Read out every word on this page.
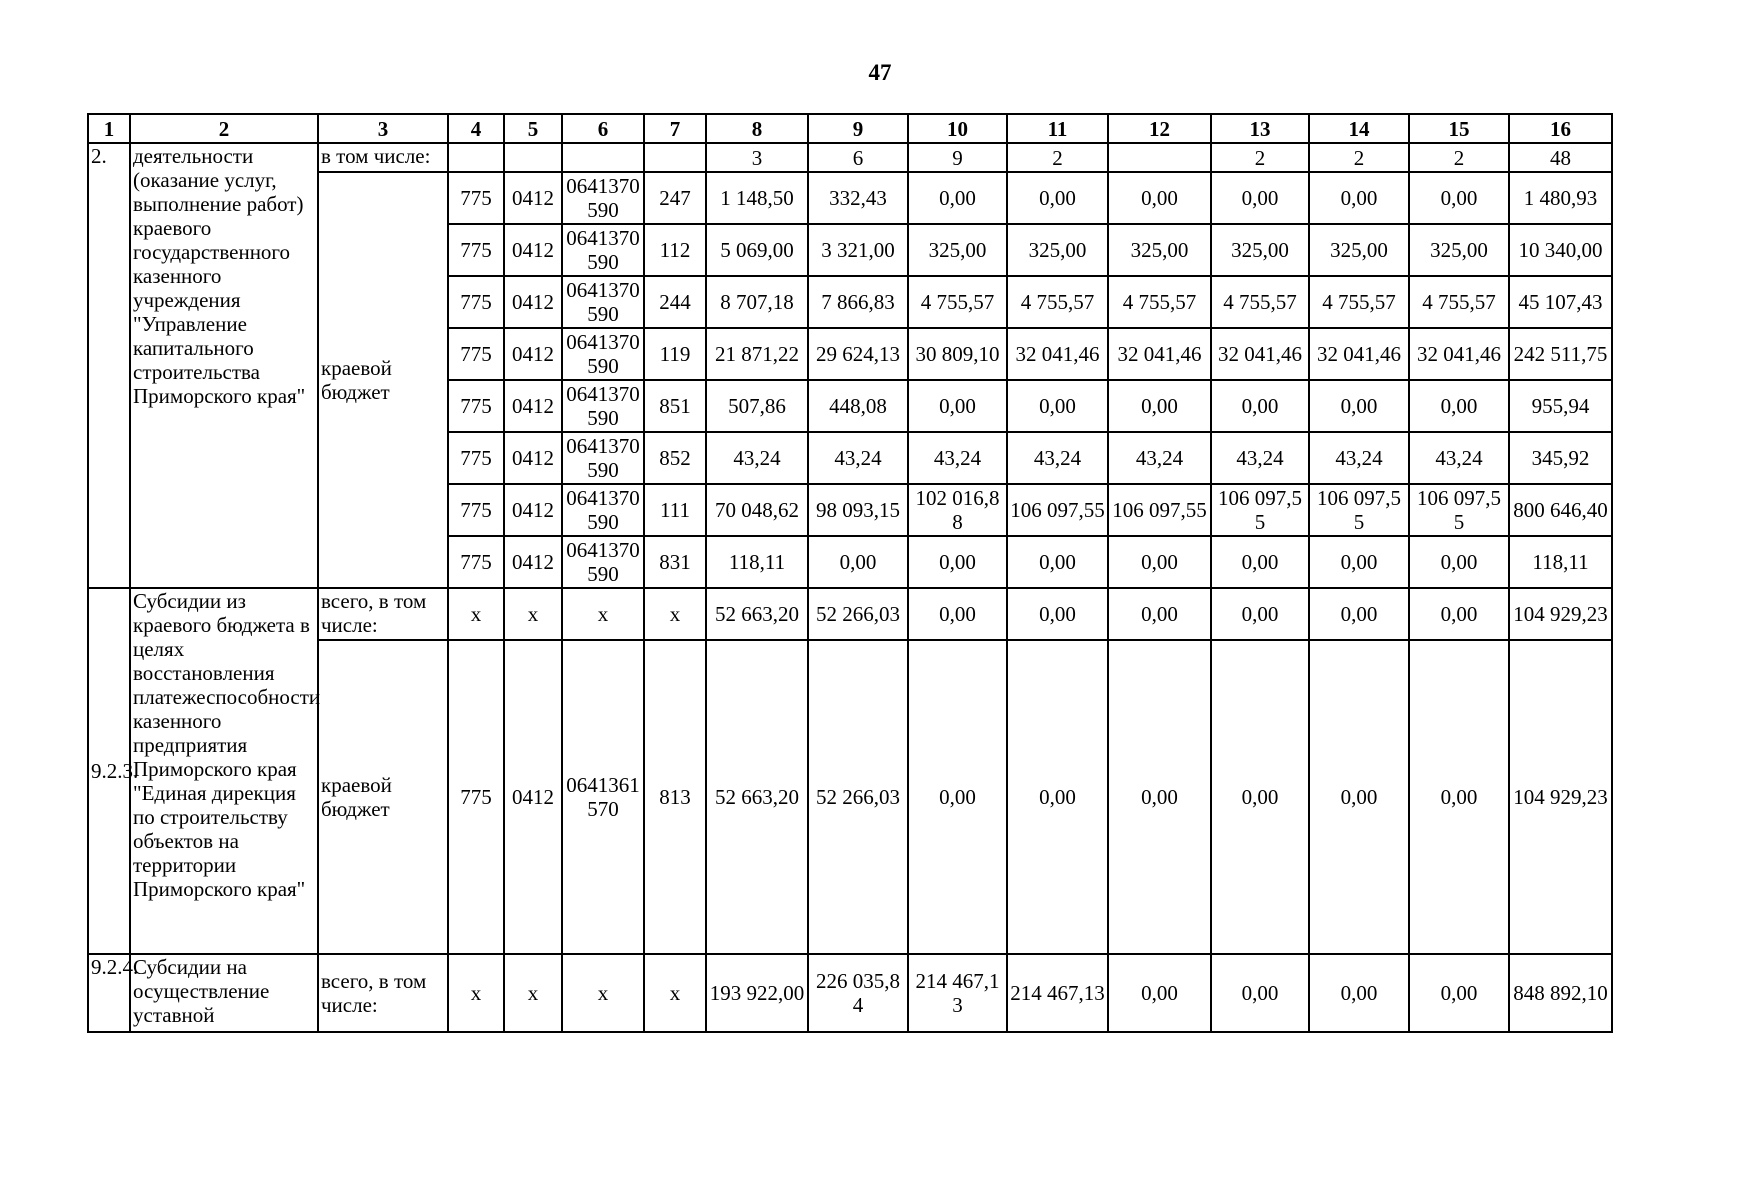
47
1	2	3	4	5	6	7	8	9	10	11	12	13	14	15	16
2.	деятельности (оказание услуг, выполнение работ) краевого государственного казенного учреждения "Управление капитального строительства Приморского края"	в том числе:					3	6	9	2		2	2	2	48
		краевой бюджет	775	0412	0641370590	247	1 148,50	332,43	0,00	0,00	0,00	0,00	0,00	0,00	1 480,93
			775	0412	0641370590	112	5 069,00	3 321,00	325,00	325,00	325,00	325,00	325,00	325,00	10 340,00
			775	0412	0641370590	244	8 707,18	7 866,83	4 755,57	4 755,57	4 755,57	4 755,57	4 755,57	4 755,57	45 107,43
			775	0412	0641370590	119	21 871,22	29 624,13	30 809,10	32 041,46	32 041,46	32 041,46	32 041,46	32 041,46	242 511,75
			775	0412	0641370590	851	507,86	448,08	0,00	0,00	0,00	0,00	0,00	0,00	955,94
			775	0412	0641370590	852	43,24	43,24	43,24	43,24	43,24	43,24	43,24	43,24	345,92
			775	0412	0641370590	111	70 048,62	98 093,15	102 016,88	106 097,55	106 097,55	106 097,55	106 097,55	106 097,55	800 646,40
			775	0412	0641370590	831	118,11	0,00	0,00	0,00	0,00	0,00	0,00	0,00	118,11
9.2.3.	Субсидии из краевого бюджета в целях восстановления платежеспособности казенного предприятия Приморского края "Единая дирекция по строительству объектов на территории Приморского края"	всего, в том числе:	x	x	x	x	52 663,20	52 266,03	0,00	0,00	0,00	0,00	0,00	0,00	104 929,23
		краевой бюджет	775	0412	0641361570	813	52 663,20	52 266,03	0,00	0,00	0,00	0,00	0,00	0,00	104 929,23
9.2.4.	Субсидии на осуществление уставной	всего, в том числе:	x	x	x	x	193 922,00	226 035,84	214 467,13	214 467,13	0,00	0,00	0,00	0,00	848 892,10
